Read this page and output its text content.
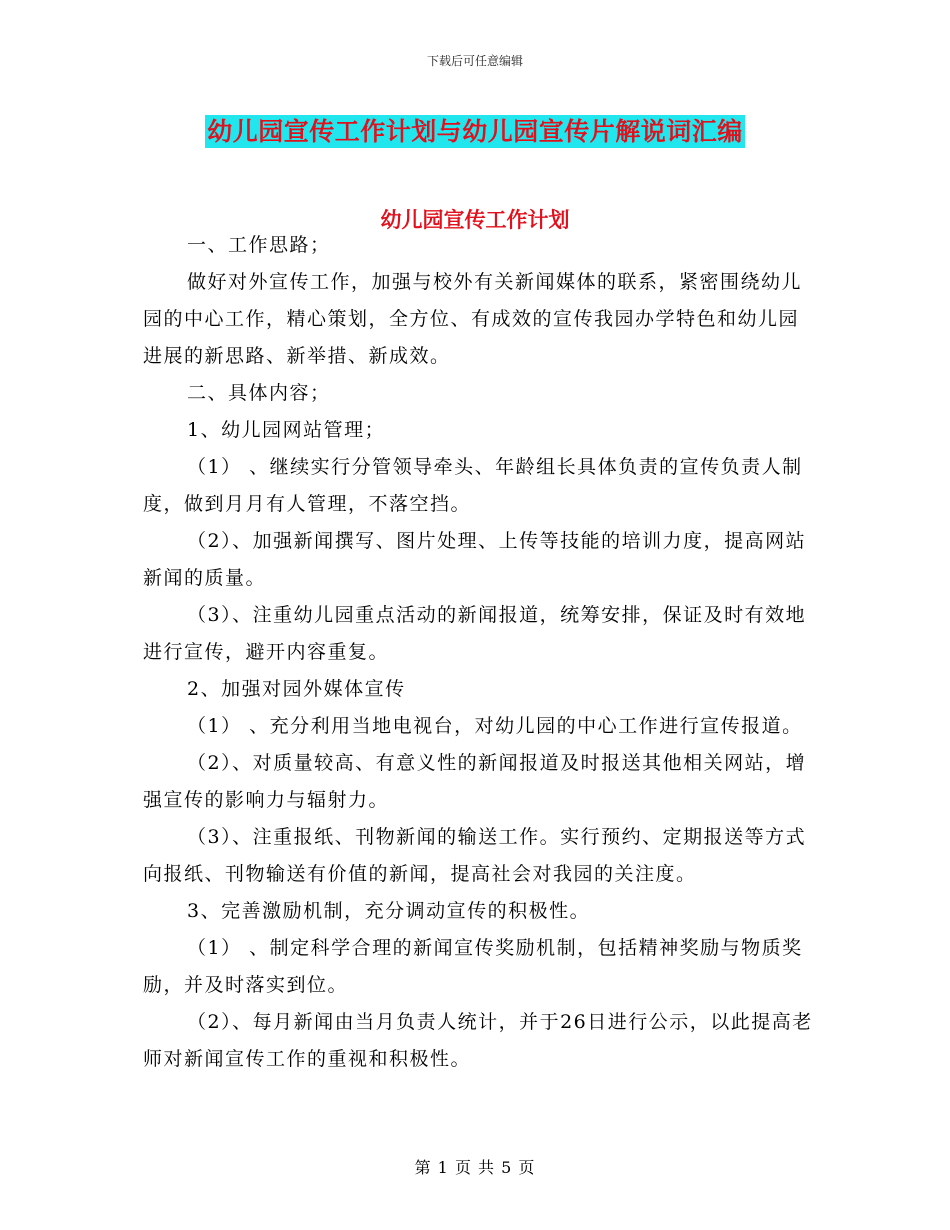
下载后可任意编辑
幼儿园宣传工作计划与幼儿园宣传片解说词汇编
幼儿园宣传工作计划

一、工作思路；

做好对外宣传工作，加强与校外有关新闻媒体的联系，紧密围绕幼儿园的中心工作，精心策划，全方位、有成效的宣传我园办学特色和幼儿园进展的新思路、新举措、新成效。

二、具体内容；

1、幼儿园网站管理；

（1） 、继续实行分管领导牵头、年龄组长具体负责的宣传负责人制度，做到月月有人管理，不落空挡。

（2）、加强新闻撰写、图片处理、上传等技能的培训力度，提高网站新闻的质量。

（3）、注重幼儿园重点活动的新闻报道，统筹安排，保证及时有效地进行宣传，避开内容重复。

2、加强对园外媒体宣传

（1） 、充分利用当地电视台，对幼儿园的中心工作进行宣传报道。

（2）、对质量较高、有意义性的新闻报道及时报送其他相关网站，增强宣传的影响力与辐射力。

（3）、注重报纸、刊物新闻的输送工作。实行预约、定期报送等方式向报纸、刊物输送有价值的新闻，提高社会对我园的关注度。

3、完善激励机制，充分调动宣传的积极性。

（1） 、制定科学合理的新闻宣传奖励机制，包括精神奖励与物质奖励，并及时落实到位。

（2）、每月新闻由当月负责人统计，并于26日进行公示，以此提高老师对新闻宣传工作的重视和积极性。

第 1 页 共 5 页
